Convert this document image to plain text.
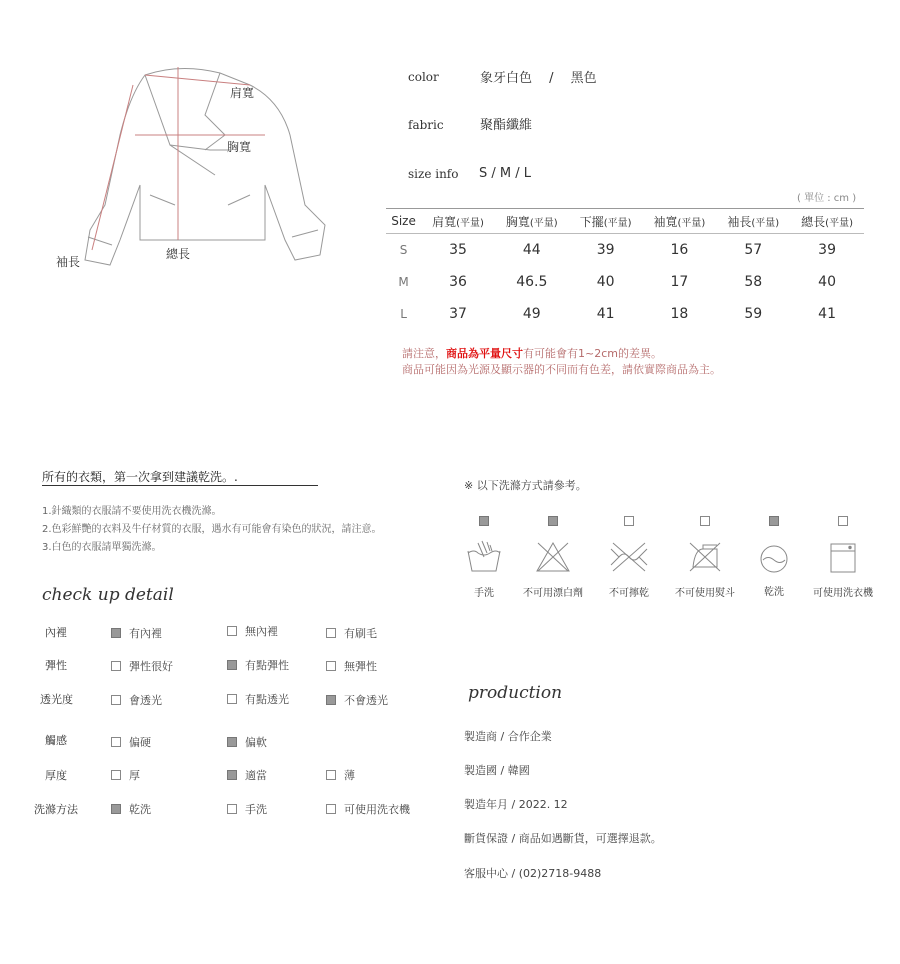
肩寬
胸寬
袖長
總長
color	象牙白色　 /　 黑色
fabric	聚酯纖維
size info S / M / L
( 單位 : cm )
Size	肩寬(平量)	胸寬(平量)	下擺(平量)	袖寬(平量)	袖長(平量)	總長(平量)
S	35	44	39	16	57	39
M	36	46.5	40	17	58	40
L	37	49	41	18	59	41
請注意，商品為平量尺寸有可能會有1~2cm的差異。
商品可能因為光源及顯示器的不同而有色差，請依實際商品為主。
所有的衣類，第一次拿到建議乾洗。.
1.針織類的衣服請不要使用洗衣機洗滌。
2.色彩鮮艷的衣料及牛仔材質的衣服，遇水有可能會有染色的狀況，請注意。
3.白色的衣服請單獨洗滌。
check up detail
內裡	有內裡	無內裡	有刷毛
彈性	彈性很好	有點彈性	無彈性
透光度	會透光	有點透光	不會透光
觸感	偏硬	偏軟
厚度	厚	適當	薄
洗滌方法	乾洗	手洗	可使用洗衣機
※ 以下洗滌方式請參考。
手洗	不可用漂白劑	不可擰乾	不可使用熨斗	乾洗	可使用洗衣機
production
製造商 / 合作企業
製造國 / 韓國
製造年月 / 2022. 12
斷貨保證 / 商品如遇斷貨，可選擇退款。
客服中心 / (02)2718-9488
